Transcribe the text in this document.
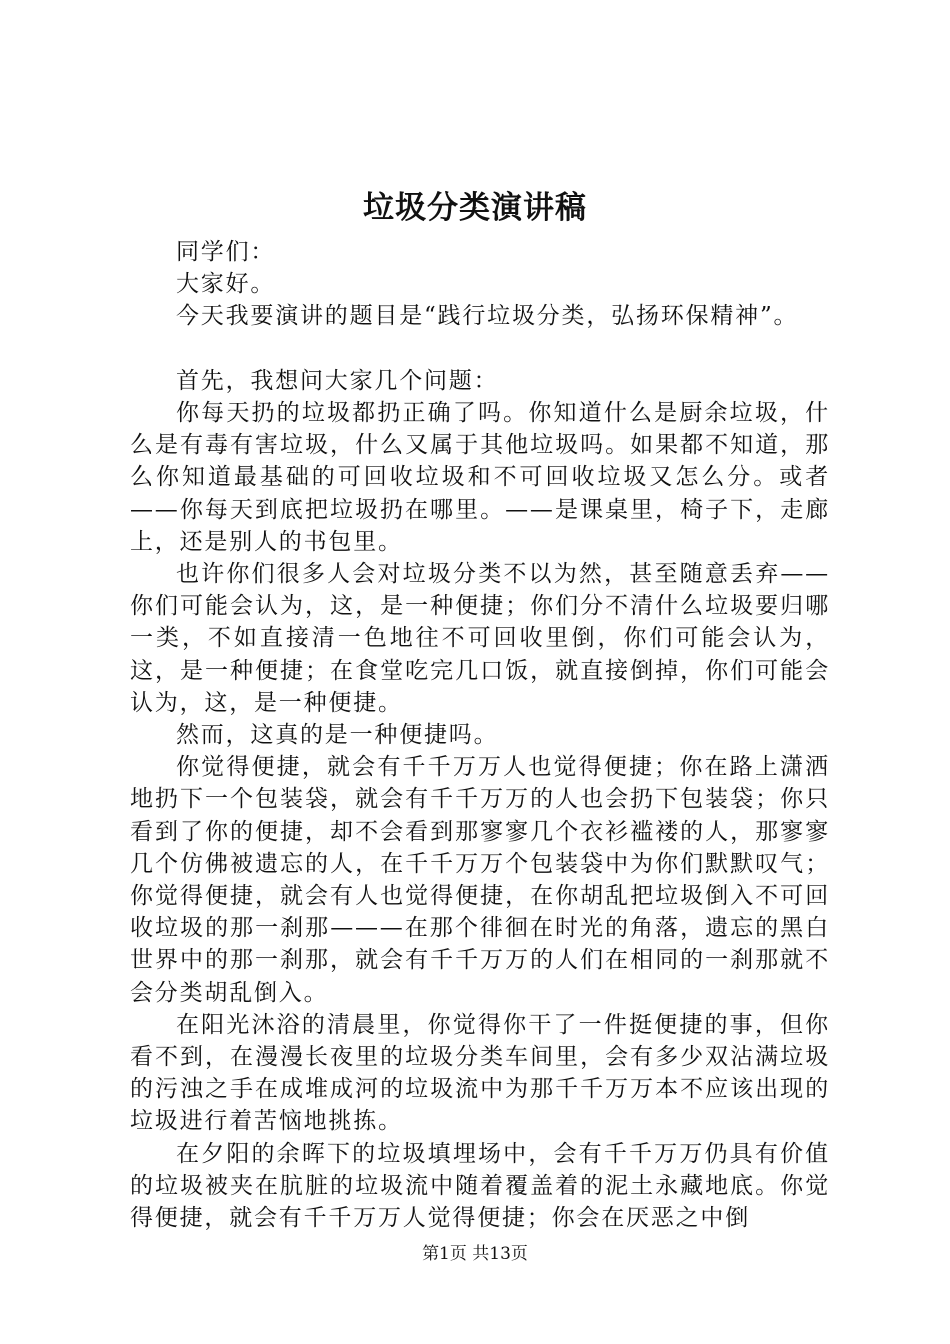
垃圾分类演讲稿

同学们：

大家好。

今天我要演讲的题目是“践行垃圾分类，弘扬环保精神”。

首先，我想问大家几个问题：

你每天扔的垃圾都扔正确了吗。你知道什么是厨余垃圾，什么是有毒有害垃圾，什么又属于其他垃圾吗。如果都不知道，那么你知道最基础的可回收垃圾和不可回收垃圾又怎么分。或者——你每天到底把垃圾扔在哪里。——是课桌里，椅子下，走廊上，还是别人的书包里。

也许你们很多人会对垃圾分类不以为然，甚至随意丢弃——你们可能会认为，这，是一种便捷；你们分不清什么垃圾要归哪一类，不如直接清一色地往不可回收里倒，你们可能会认为，这，是一种便捷；在食堂吃完几口饭，就直接倒掉，你们可能会认为，这，是一种便捷。

然而，这真的是一种便捷吗。

你觉得便捷，就会有千千万万人也觉得便捷；你在路上潇洒地扔下一个包装袋，就会有千千万万的人也会扔下包装袋；你只看到了你的便捷，却不会看到那寥寥几个衣衫褴褛的人，那寥寥几个仿佛被遗忘的人，在千千万万个包装袋中为你们默默叹气；你觉得便捷，就会有人也觉得便捷，在你胡乱把垃圾倒入不可回收垃圾的那一刹那———在那个徘徊在时光的角落，遗忘的黑白世界中的那一刹那，就会有千千万万的人们在相同的一刹那就不会分类胡乱倒入。

在阳光沐浴的清晨里，你觉得你干了一件挺便捷的事，但你看不到，在漫漫长夜里的垃圾分类车间里，会有多少双沾满垃圾的污浊之手在成堆成河的垃圾流中为那千千万万本不应该出现的垃圾进行着苦恼地挑拣。

在夕阳的余晖下的垃圾填埋场中，会有千千万万仍具有价值的垃圾被夹在肮脏的垃圾流中随着覆盖着的泥土永藏地底。你觉得便捷，就会有千千万万人觉得便捷；你会在厌恶之中倒

第1页 共13页
